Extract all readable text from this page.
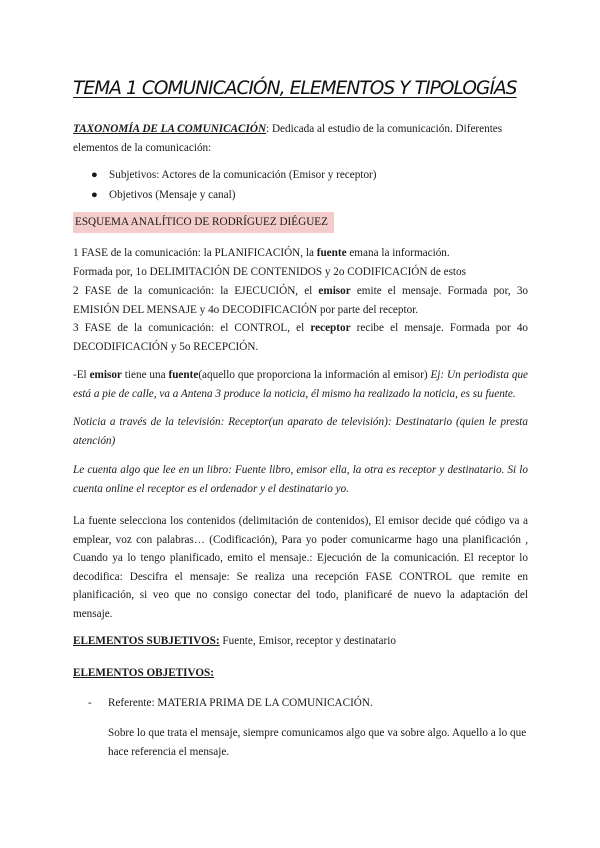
TEMA 1 COMUNICACIÓN, ELEMENTOS Y TIPOLOGÍAS

TAXONOMÍA DE LA COMUNICACIÓN: Dedicada al estudio de la comunicación. Diferentes elementos de la comunicación:

● Subjetivos: Actores de la comunicación (Emisor y receptor)
● Objetivos (Mensaje y canal)
ESQUEMA ANALÍTICO DE RODRÍGUEZ DIÉGUEZ

1 FASE de la comunicación: la PLANIFICACIÓN, la fuente emana la información.

Formada por, 1o DELIMITACIÓN DE CONTENIDOS y 2o CODIFICACIÓN de estos

2 FASE de la comunicación: la EJECUCIÓN, el emisor emite el mensaje. Formada por, 3o EMISIÓN DEL MENSAJE y 4o DECODIFICACIÓN por parte del receptor.

3 FASE de la comunicación: el CONTROL, el receptor recibe el mensaje. Formada por 4o DECODIFICACIÓN y 5o RECEPCIÓN.

-El emisor tiene una fuente(aquello que proporciona la información al emisor) Ej: Un periodista que está a pie de calle, va a Antena 3 produce la noticia, él mismo ha realizado la noticia, es su fuente.

Noticia a través de la televisión: Receptor(un aparato de televisión): Destinatario (quien le presta atención)

Le cuenta algo que lee en un libro: Fuente libro, emisor ella, la otra es receptor y destinatario. Si lo cuenta online el receptor es el ordenador y el destinatario yo.

La fuente selecciona los contenidos (delimitación de contenidos), El emisor decide qué código va a emplear, voz con palabras… (Codificación), Para yo poder comunicarme hago una planificación , Cuando ya lo tengo planificado, emito el mensaje.: Ejecución de la comunicación. El receptor lo decodifica: Descifra el mensaje: Se realiza una recepción FASE CONTROL que remite en planificación, si veo que no consigo conectar del todo, planificaré de nuevo la adaptación del mensaje.

ELEMENTOS SUBJETIVOS: Fuente, Emisor, receptor y destinatario

ELEMENTOS OBJETIVOS:

- Referente: MATERIA PRIMA DE LA COMUNICACIÓN.

Sobre lo que trata el mensaje, siempre comunicamos algo que va sobre algo. Aquello a lo que hace referencia el mensaje.
